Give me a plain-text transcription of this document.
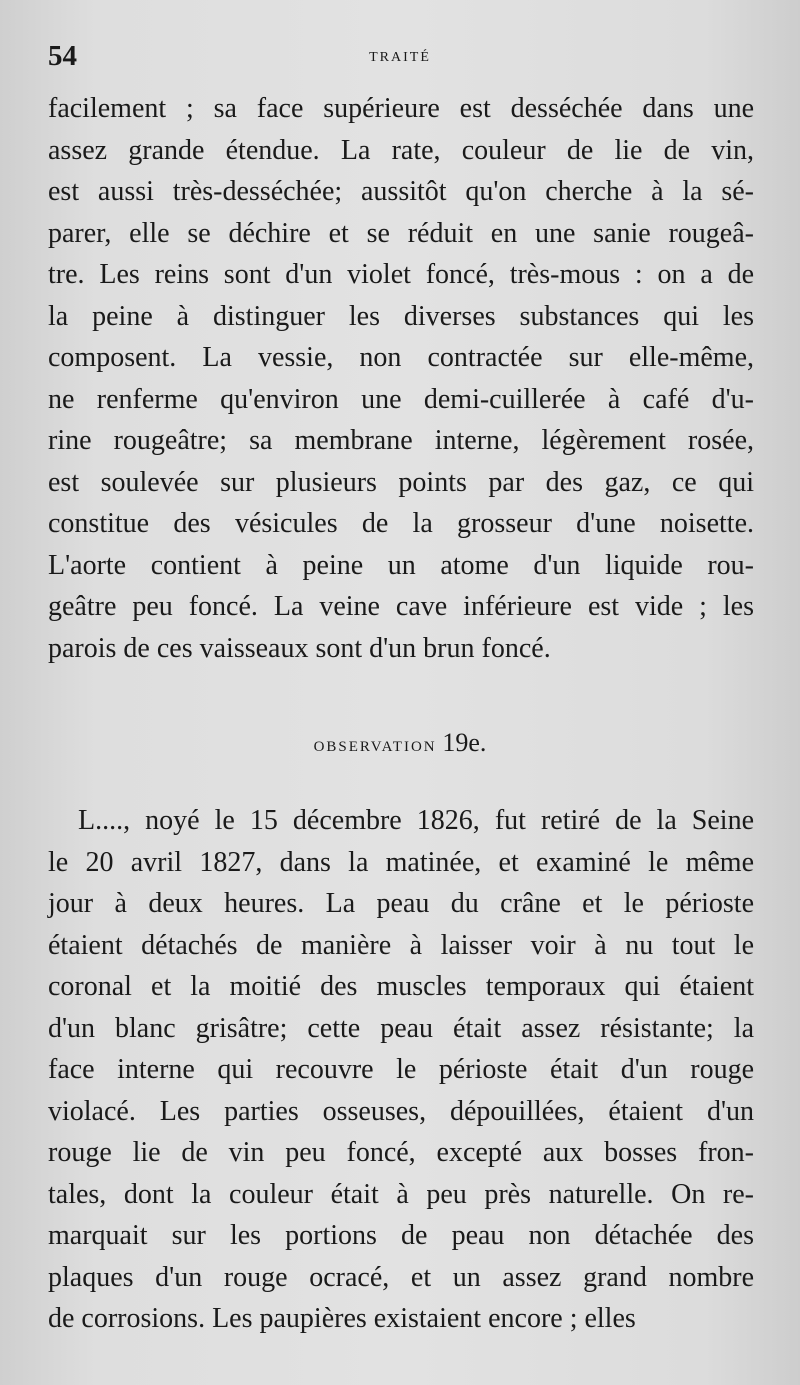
54	TRAITÉ
facilement ; sa face supérieure est desséchée dans une
assez grande étendue. La rate, couleur de lie de vin,
est aussi très-desséchée; aussitôt qu'on cherche à la sé-
parer, elle se déchire et se réduit en une sanie rougeâ-
tre. Les reins sont d'un violet foncé, très-mous : on a de
la peine à distinguer les diverses substances qui les
composent. La vessie, non contractée sur elle-même,
ne renferme qu'environ une demi-cuillerée à café d'u-
rine rougeâtre; sa membrane interne, légèrement rosée,
est soulevée sur plusieurs points par des gaz, ce qui
constitue des vésicules de la grosseur d'une noisette.
L'aorte contient à peine un atome d'un liquide rou-
geâtre peu foncé. La veine cave inférieure est vide ; les
parois de ces vaisseaux sont d'un brun foncé.
OBSERVATION 19e.
L...., noyé le 15 décembre 1826, fut retiré de la Seine
le 20 avril 1827, dans la matinée, et examiné le même
jour à deux heures. La peau du crâne et le périoste
étaient détachés de manière à laisser voir à nu tout le
coronal et la moitié des muscles temporaux qui étaient
d'un blanc grisâtre; cette peau était assez résistante; la
face interne qui recouvre le périoste était d'un rouge
violacé. Les parties osseuses, dépouillées, étaient d'un
rouge lie de vin peu foncé, excepté aux bosses fron-
tales, dont la couleur était à peu près naturelle. On re-
marquait sur les portions de peau non détachée des
plaques d'un rouge ocracé, et un assez grand nombre
de corrosions. Les paupières existaient encore ; elles
